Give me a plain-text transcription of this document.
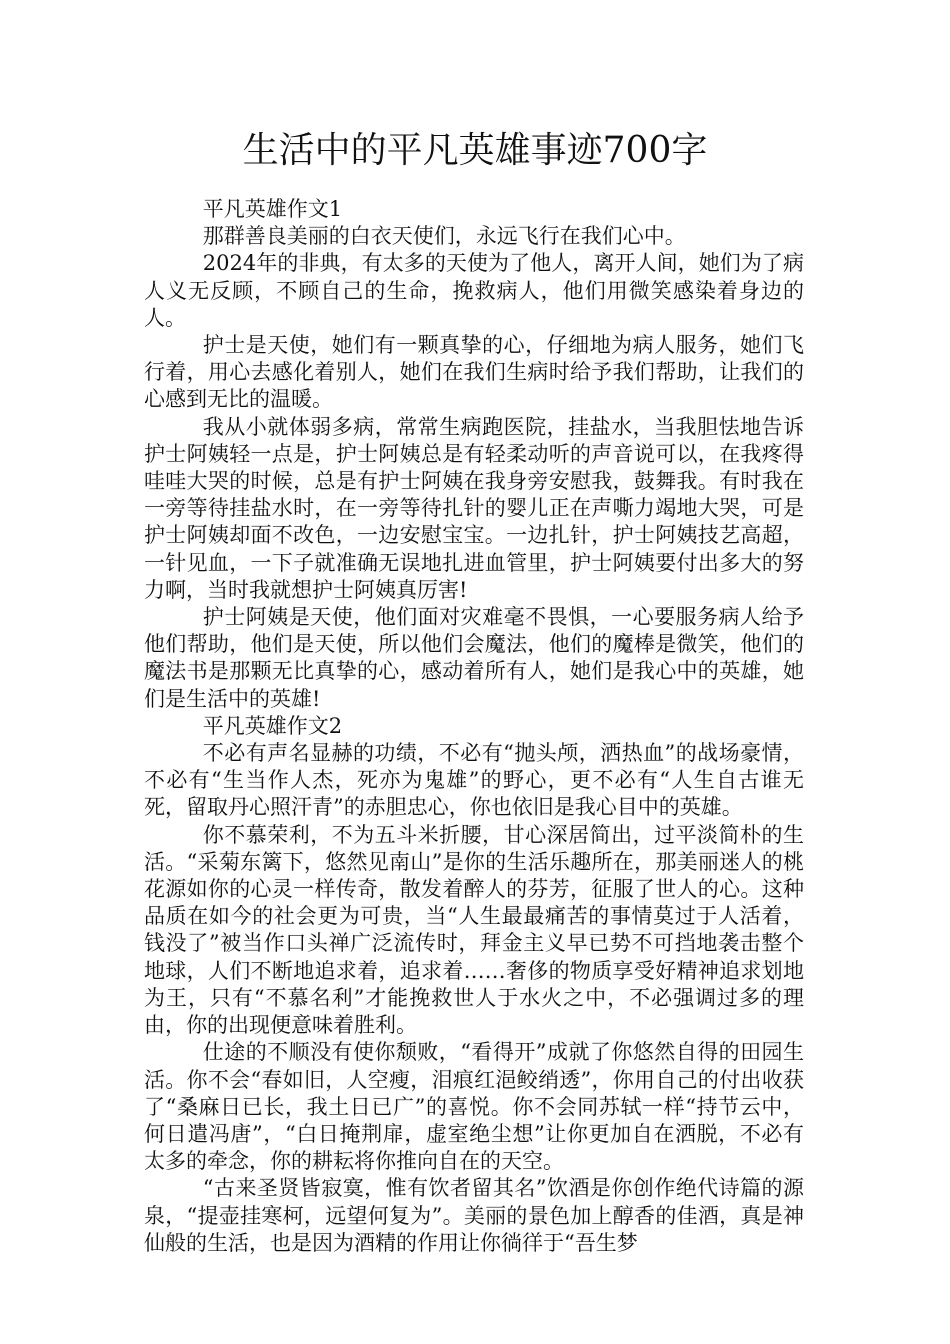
生活中的平凡英雄事迹700字

平凡英雄作文1

那群善良美丽的白衣天使们，永远飞行在我们心中。

2024年的非典，有太多的天使为了他人，离开人间，她们为了病人义无反顾，不顾自己的生命，挽救病人，他们用微笑感染着身边的人。

护士是天使，她们有一颗真挚的心，仔细地为病人服务，她们飞行着，用心去感化着别人，她们在我们生病时给予我们帮助，让我们的心感到无比的温暖。

我从小就体弱多病，常常生病跑医院，挂盐水，当我胆怯地告诉护士阿姨轻一点是，护士阿姨总是有轻柔动听的声音说可以，在我疼得哇哇大哭的时候，总是有护士阿姨在我身旁安慰我，鼓舞我。有时我在一旁等待挂盐水时，在一旁等待扎针的婴儿正在声嘶力竭地大哭，可是护士阿姨却面不改色，一边安慰宝宝。一边扎针，护士阿姨技艺高超，一针见血，一下子就准确无误地扎进血管里，护士阿姨要付出多大的努力啊，当时我就想护士阿姨真厉害!

护士阿姨是天使，他们面对灾难毫不畏惧，一心要服务病人给予他们帮助，他们是天使，所以他们会魔法，他们的魔棒是微笑，他们的魔法书是那颗无比真挚的心，感动着所有人，她们是我心中的英雄，她们是生活中的英雄!

平凡英雄作文2

不必有声名显赫的功绩，不必有“抛头颅，洒热血”的战场豪情，不必有“生当作人杰，死亦为鬼雄”的野心，更不必有“人生自古谁无死，留取丹心照汗青”的赤胆忠心，你也依旧是我心目中的英雄。

你不慕荣利，不为五斗米折腰，甘心深居简出，过平淡简朴的生活。“采菊东篱下，悠然见南山”是你的生活乐趣所在，那美丽迷人的桃花源如你的心灵一样传奇，散发着醉人的芬芳，征服了世人的心。这种品质在如今的社会更为可贵，当“人生最最痛苦的事情莫过于人活着，钱没了”被当作口头禅广泛流传时，拜金主义早已势不可挡地袭击整个地球，人们不断地追求着，追求着……奢侈的物质享受好精神追求划地为王，只有“不慕名利”才能挽救世人于水火之中，不必强调过多的理由，你的出现便意味着胜利。

仕途的不顺没有使你颓败，“看得开”成就了你悠然自得的田园生活。你不会“春如旧，人空瘦，泪痕红浥鲛绡透”，你用自己的付出收获了“桑麻日已长，我土日已广”的喜悦。你不会同苏轼一样“持节云中，何日遣冯唐”，“白日掩荆扉，虚室绝尘想”让你更加自在洒脱，不必有太多的牵念，你的耕耘将你推向自在的天空。

“古来圣贤皆寂寞，惟有饮者留其名”饮酒是你创作绝代诗篇的源泉，“提壶挂寒柯，远望何复为”。美丽的景色加上醇香的佳酒，真是神仙般的生活，也是因为酒精的作用让你徜徉于“吾生梦
